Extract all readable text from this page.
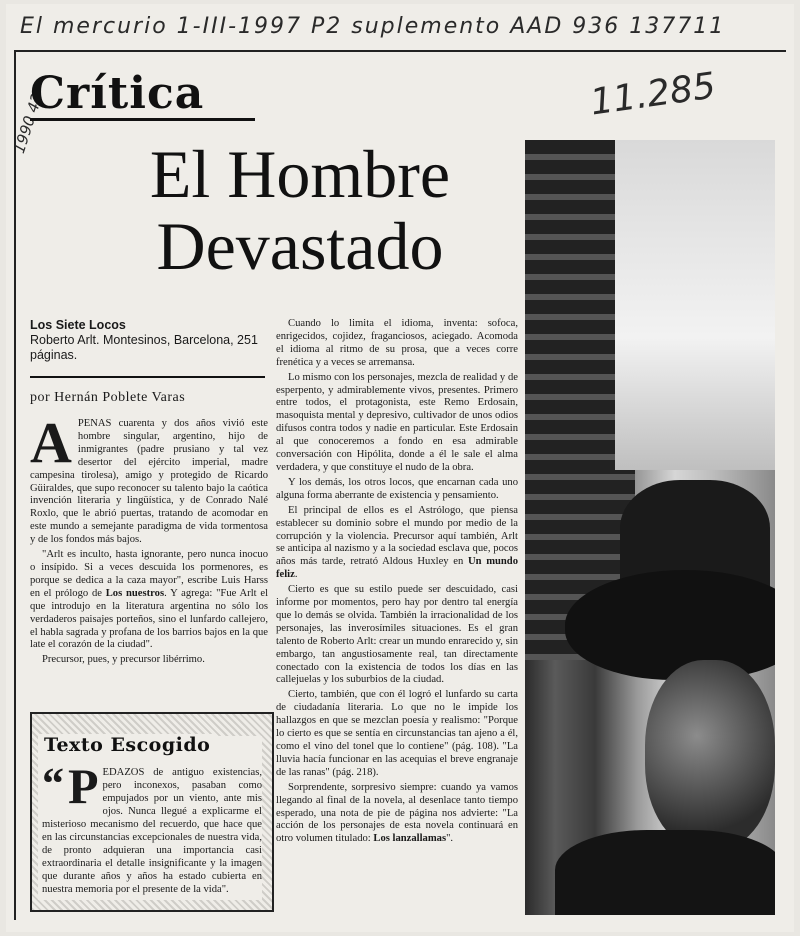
El mercurio 1-III-1997 P2 suplemento AAD 936 137711
11.285
1990 42
Crítica
El Hombre Devastado
Los Siete Locos
Roberto Arlt. Montesinos, Barcelona, 251 páginas.
por Hernán Poblete Varas

APENAS cuarenta y dos años vivió este hombre singular, argentino, hijo de inmigrantes (padre prusiano y tal vez desertor del ejército imperial, madre campesina tirolesa), amigo y protegido de Ricardo Güiraldes, que supo reconocer su talento bajo la caótica invención literaria y lingüística, y de Conrado Nalé Roxlo, que le abrió puertas, tratando de acomodar en este mundo a semejante paradigma de vida tormentosa y de los fondos más bajos.

"Arlt es inculto, hasta ignorante, pero nunca inocuo o insípido. Si a veces descuida los pormenores, es porque se dedica a la caza mayor", escribe Luis Harss en el prólogo de Los nuestros. Y agrega: "Fue Arlt el que introdujo en la literatura argentina no sólo los verdaderos paisajes porteños, sino el lunfardo callejero, el habla sagrada y profana de los barrios bajos en la que late el corazón de la ciudad".

Precursor, pues, y precursor libérrimo.

Texto Escogido
“ P EDAZOS de antiguo existencias, pero inconexos, pasaban como empujados por un viento, ante mis ojos. Nunca llegué a explicarme el misterioso mecanismo del recuerdo, que hace que en las circunstancias excepcionales de nuestra vida, de pronto adquieran una importancia casi extraordinaria el detalle insignificante y la imagen que durante años y años ha estado cubierta en nuestra memoria por el presente de la vida".

Cuando lo limita el idioma, inventa: sofoca, enrigecidos, cojidez, fraganciosos, aciegado. Acomoda el idioma al ritmo de su prosa, que a veces corre frenética y a veces se arremansa.

Lo mismo con los personajes, mezcla de realidad y de esperpento, y admirablemente vivos, presentes. Primero entre todos, el protagonista, este Remo Erdosain, masoquista mental y depresivo, cultivador de unos odios difusos contra todos y nadie en particular. Este Erdosain al que conoceremos a fondo en esa admirable conversación con Hipólita, donde a él le sale el alma verdadera, y que constituye el nudo de la obra.

Y los demás, los otros locos, que encarnan cada uno alguna forma aberrante de existencia y pensamiento.

El principal de ellos es el Astrólogo, que piensa establecer su dominio sobre el mundo por medio de la corrupción y la violencia. Precursor aquí también, Arlt se anticipa al nazismo y a la sociedad esclava que, pocos años más tarde, retrató Aldous Huxley en Un mundo feliz.

Cierto es que su estilo puede ser descuidado, casi informe por momentos, pero hay por dentro tal energía que lo demás se olvida. También la irracionalidad de los personajes, las inverosímiles situaciones. Es el gran talento de Roberto Arlt: crear un mundo enrarecido y, sin embargo, tan angustiosamente real, tan directamente conectado con la existencia de todos los días en las callejuelas y los suburbios de la ciudad.

Cierto, también, que con él logró el lunfardo su carta de ciudadanía literaria. Lo que no le impide los hallazgos en que se mezclan poesía y realismo: "Porque lo cierto es que se sentía en circunstancias tan ajeno a él, como el vino del tonel que lo contiene" (pág. 108). "La lluvia hacía funcionar en las acequias el breve engranaje de las ranas" (pág. 218).

Sorprendente, sorpresivo siempre: cuando ya vamos llegando al final de la novela, al desenlace tanto tiempo esperado, una nota de pie de página nos advierte: "La acción de los personajes de esta novela continuará en otro volumen titulado: Los lanzallamas".
